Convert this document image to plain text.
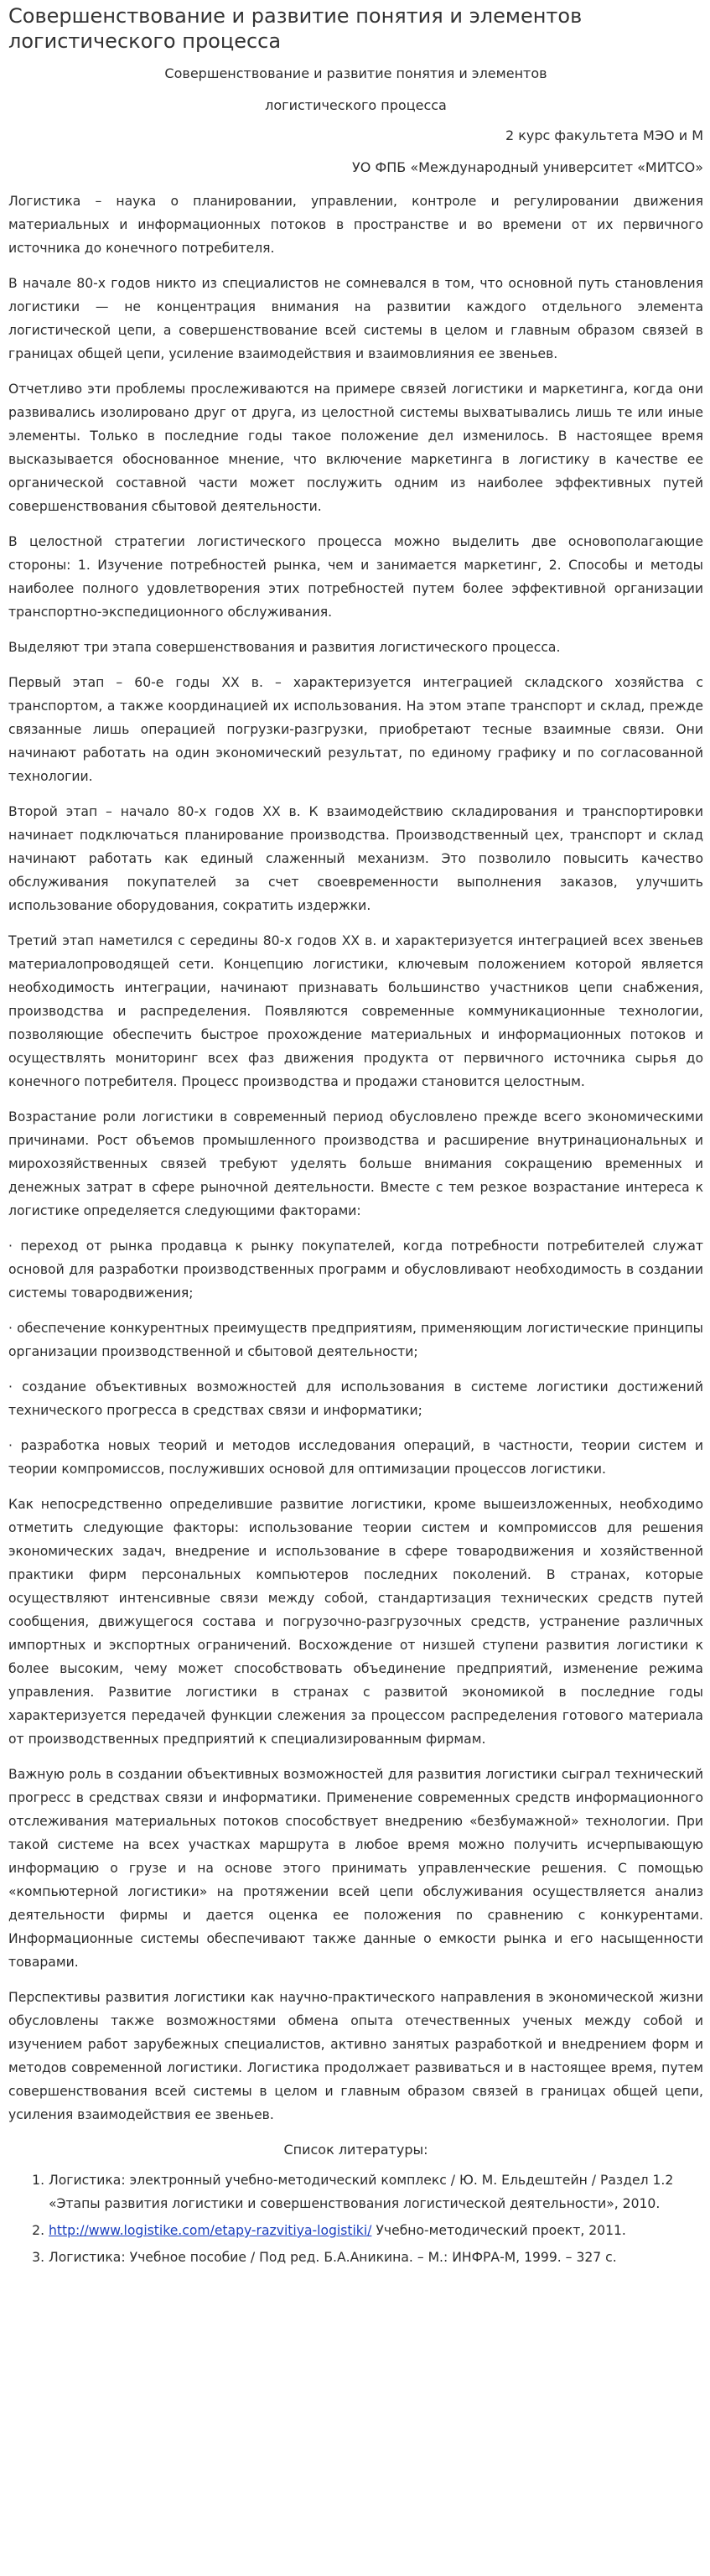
Совершенствование и развитие понятия и элементов логистического процесса

Совершенствование и развитие понятия и элементов

логистического процесса

2 курс факультета МЭО и М

УО ФПБ «Международный университет «МИТСО»

Логистика – наука о планировании, управлении, контроле и регулировании движения материальных и информационных потоков в пространстве и во времени от их первичного источника до конечного потребителя.

В начале 80-х годов никто из специалистов не сомневался в том, что основной путь становления логистики — не концентрация внимания на развитии каждого отдельного элемента логистической цепи, а совершенствование всей системы в целом и главным образом связей в границах общей цепи, усиление взаимодействия и взаимовлияния ее звеньев.

Отчетливо эти проблемы прослеживаются на примере связей логистики и маркетинга, когда они развивались изолировано друг от друга, из целостной системы выхватывались лишь те или иные элементы. Только в последние годы такое положение дел изменилось. В настоящее время высказывается обоснованное мнение, что включение маркетинга в логистику в качестве ее органической составной части может послужить одним из наиболее эффективных путей совершенствования сбытовой деятельности.

В целостной стратегии логистического процесса можно выделить две основополагающие стороны: 1. Изучение потребностей рынка, чем и занимается маркетинг, 2. Способы и методы наиболее полного удовлетворения этих потребностей путем более эффективной организации транспортно-экспедиционного обслуживания.

Выделяют три этапа совершенствования и развития логистического процесса.

Первый этап – 60-е годы XX в. – характеризуется интеграцией складского хозяйства с транспортом, а также координацией их использования. На этом этапе транспорт и склад, прежде связанные лишь операцией погрузки-разгрузки, приобретают тесные взаимные связи. Они начинают работать на один экономический результат, по единому графику и по согласованной технологии.

Второй этап – начало 80-х годов XX в. К взаимодействию складирования и транспортировки начинает подключаться планирование производства. Производственный цех, транспорт и склад начинают работать как единый слаженный механизм. Это позволило повысить качество обслуживания покупателей за счет своевременности выполнения заказов, улучшить использование оборудования, сократить издержки.

Третий этап наметился с середины 80-х годов XX в. и характеризуется интеграцией всех звеньев материалопроводящей сети. Концепцию логистики, ключевым положением которой является необходимость интеграции, начинают признавать большинство участников цепи снабжения, производства и распределения. Появляются современные коммуникационные технологии, позволяющие обеспечить быстрое прохождение материальных и информационных потоков и осуществлять мониторинг всех фаз движения продукта от первичного источника сырья до конечного потребителя. Процесс производства и продажи становится целостным.

Возрастание роли логистики в современный период обусловлено прежде всего экономическими причинами. Рост объемов промышленного производства и расширение внутринациональных и мирохозяйственных связей требуют уделять больше внимания сокращению временных и денежных затрат в сфере рыночной деятельности. Вместе с тем резкое возрастание интереса к логистике определяется следующими факторами:

· переход от рынка продавца к рынку покупателей, когда потребности потребителей служат основой для разработки производственных программ и обусловливают необходимость в создании системы товародвижения;

· обеспечение конкурентных преимуществ предприятиям, применяющим логистические принципы организации производственной и сбытовой деятельности;

· создание объективных возможностей для использования в системе логистики достижений технического прогресса в средствах связи и информатики;

· разработка новых теорий и методов исследования операций, в частности, теории систем и теории компромиссов, послуживших основой для оптимизации процессов логистики.

Как непосредственно определившие развитие логистики, кроме вышеизложенных, необходимо отметить следующие факторы: использование теории систем и компромиссов для решения экономических задач, внедрение и использование в сфере товародвижения и хозяйственной практики фирм персональных компьютеров последних поколений. В странах, которые осуществляют интенсивные связи между собой, стандартизация технических средств путей сообщения, движущегося состава и погрузочно-разгрузочных средств, устранение различных импортных и экспортных ограничений. Восхождение от низшей ступени развития логистики к более высоким, чему может способствовать объединение предприятий, изменение режима управления. Развитие логистики в странах с развитой экономикой в последние годы характеризуется передачей функции слежения за процессом распределения готового материала от производственных предприятий к специализированным фирмам.

Важную роль в создании объективных возможностей для развития логистики сыграл технический прогресс в средствах связи и информатики. Применение современных средств информационного отслеживания материальных потоков способствует внедрению «безбумажной» технологии. При такой системе на всех участках маршрута в любое время можно получить исчерпывающую информацию о грузе и на основе этого принимать управленческие решения. С помощью «компьютерной логистики» на протяжении всей цепи обслуживания осуществляется анализ деятельности фирмы и дается оценка ее положения по сравнению с конкурентами. Информационные системы обеспечивают также данные о емкости рынка и его насыщенности товарами.

Перспективы развития логистики как научно-практического направления в экономической жизни обусловлены также возможностями обмена опыта отечественных ученых между собой и изучением работ зарубежных специалистов, активно занятых разработкой и внедрением форм и методов современной логистики. Логистика продолжает развиваться и в настоящее время, путем совершенствования всей системы в целом и главным образом связей в границах общей цепи, усиления взаимодействия ее звеньев.

Список литературы:

1. Логистика: электронный учебно-методический комплекс / Ю. М. Ельдештейн / Раздел 1.2 «Этапы развития логистики и совершенствования логистической деятельности», 2010.
2. http://www.logistike.com/etapy-razvitiya-logistiki/ Учебно-методический проект, 2011.
3. Логистика: Учебное пособие / Под ред. Б.А.Аникина. – М.: ИНФРА-М, 1999. – 327 с.
